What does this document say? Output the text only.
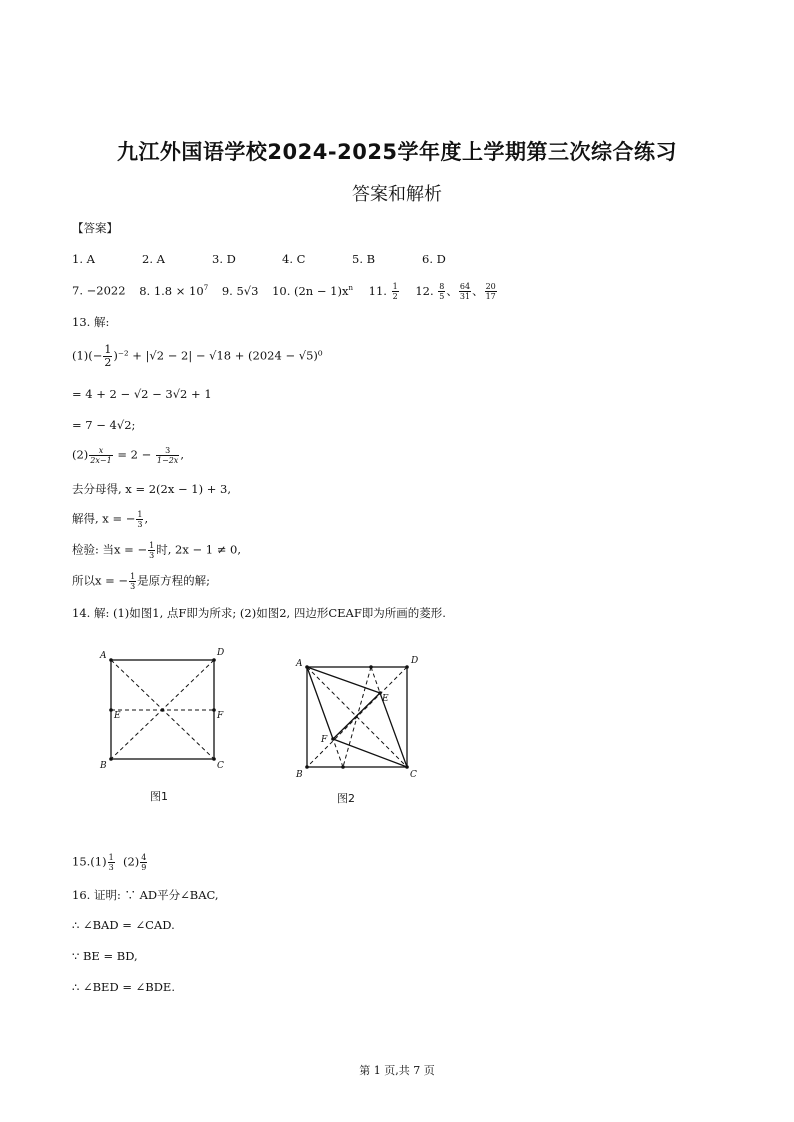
九江外国语学校2024-2025学年度上学期第三次综合练习
答案和解析
【答案】
1. A	2. A	3. D	4. C	5. B	6. D
7. −2022 8. $1.8 \times 10^7$ 9. 5√3 10. $(2n - 1)x^n$ 11. $\frac{1}{2} 12$. $\frac{8}{5}$ 、 $\frac{64}{31}$ 、 $\frac{20}{17}$
13. 解:
$(1)(- \frac{1}{2} )^{-2} + |√2 - 2| - √18 + (2024 - √5)^0$
= 4 + 2 − √2 − 3√2 + 1
= 7 − 4√2;
$(2) \frac{x}{2x-1} = 2 - \frac{3}{1-2x}$ ,
去分母得, x = 2(2x − 1) + 3,
解得, x = − $\frac{1}{3}$ ,
检验: 当x = − $\frac{1}{3}$ 时, 2x − 1 ≠ 0,
所以x = − $\frac{1}{3}$ 是原方程的解;
14. 解: (1)如图1, 点F即为所求; (2)如图2, 四边形CEAF即为所画的菱形.
A	D
B	C
E	F
图1
A	D
B	C
E
F
图2
$15.(1) \frac{1}{3} (2) \frac{4}{9}$
16. 证明: ∵ AD平分∠BAC,
∴ ∠BAD = ∠CAD.
∵ BE = BD,
∴ ∠BED = ∠BDE.
第 1 页,共 7 页
